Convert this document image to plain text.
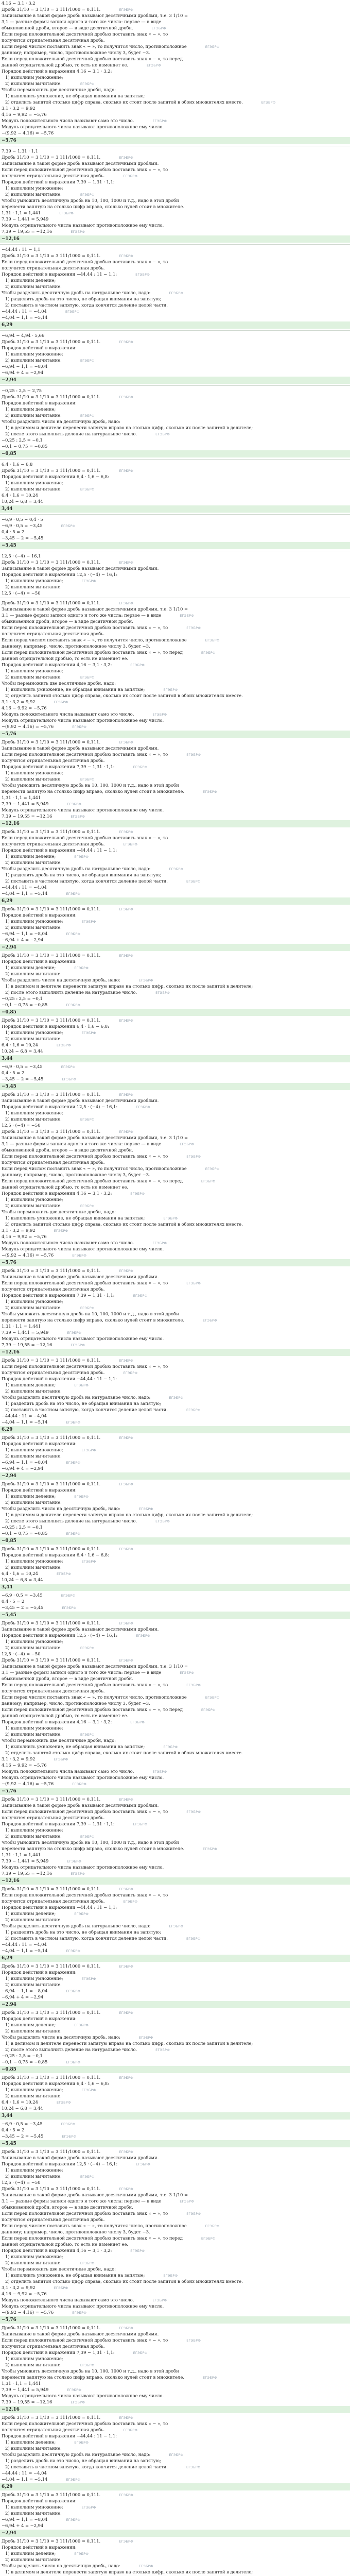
4,16 − 3,1 · 3,2
Дробь 31/10 = 3 1/10 = 3 111/1000 = 0,111.	ЕГЭБРФ
Записывание в такой форме дробь называют десятичными дробями, т.е. 3 1/10 =
3,1 — разные формы записи одного и того же числа: первое — в виде
обыкновенной дроби, второе — в виде десятичной дроби.	ЕГЭБРФ
Если перед положительной десятичной дробью поставить знак « − », то
получится отрицательная десятичная дробь.
Если перед числом поставить знак « − », то получится число, противоположное	ЕГЭБРФ
данному; например, число, противоположное числу 3, будет −3.
Если перед положительной десятичной дробью поставить знак « − », то перед
данной отрицательной дробью, то есть не изменяет ее.	ЕГЭБРФ
Порядок действий в выражении 4,16 − 3,1 · 3,2:
1) выполним умножение;
2) выполним вычитание.	ЕГЭБРФ
Чтобы перемножить две десятичные дроби, надо:
1) выполнить умножение, не обращая внимания на запятые;
2) отделить запятой столько цифр справа, сколько их стоит после запятой в обоих множителях вместе.	ЕГЭБРФ
3,1 · 3,2 = 9,92
4,16 − 9,92 = −5,76
Модуль положительного числа называют само это число.	ЕГЭБРФ
Модуль отрицательного числа называют противоположное ему число.
−(9,92 − 4,16) = −5,76
−5,76
7,39 − 1,31 · 1,1
Дробь 31/10 = 3 1/10 = 3 111/1000 = 0,111.	ЕГЭБРФ
Записывание в такой форме дробь называют десятичными дробями.
Если перед положительной десятичной дробью поставить знак « − », то
получится отрицательная десятичная дробь.	ЕГЭБРФ
Порядок действий в выражении 7,39 − 1,31 · 1,1:
1) выполним умножение;
2) выполним вычитание.	ЕГЭБРФ
Чтобы умножить десятичную дробь на 10, 100, 1000 и т.д., надо в этой дроби
перенести запятую на столько цифр вправо, сколько нулей стоит в множителе.
1,31 · 1,1 = 1,441	ЕГЭБРФ
7,39 − 1,441 = 5,949
Модуль отрицательного числа называют противоположное ему число.
7,39 − 19,55 = −12,16	ЕГЭБРФ
−12,16
−44,44 : 11 − 1,1
Дробь 31/10 = 3 1/10 = 3 111/1000 = 0,111.	ЕГЭБРФ
Если перед положительной десятичной дробью поставить знак « − », то
получится отрицательная десятичная дробь.
Порядок действий в выражении −44,44 : 11 − 1,1:	ЕГЭБРФ
1) выполним деление;
2) выполним вычитание.
Чтобы разделить десятичную дробь на натуральное число, надо:	ЕГЭБРФ
1) разделить дробь на это число, не обращая внимания на запятую;
2) поставить в частном запятую, когда кончится деление целой части.
−44,44 : 11 = −4,04	ЕГЭБРФ
−4,04 − 1,1 = −5,14
6,29
−6,94 − 4,94 · 5,66
Дробь 31/10 = 3 1/10 = 3 111/1000 = 0,111.	ЕГЭБРФ
Порядок действий в выражении:
1) выполним умножение;
2) выполним вычитание.	ЕГЭБРФ
−6,94 − 1,1 = −8,04
−6,94 + 4 = −2,94
−2,94
−0,25 : 2,5 − 2,75
Дробь 31/10 = 3 1/10 = 3 111/1000 = 0,111.	ЕГЭБРФ
Порядок действий в выражении:
1) выполним деление;
2) выполним вычитание.	ЕГЭБРФ
Чтобы разделить число на десятичную дробь, надо:
1) в делимом и делителе перенести запятую вправо на столько цифр, сколько их после запятой в делителе;
2) после этого выполнить деление на натуральное число.	ЕГЭБРФ
−0,25 : 2,5 = −0,1
−0,1 − 0,75 = −0,85
−0,85
6,4 · 1,6 − 6,8
Дробь 31/10 = 3 1/10 = 3 111/1000 = 0,111.	ЕГЭБРФ
Порядок действий в выражении 6,4 · 1,6 − 6,8:
1) выполним умножение;
2) выполним вычитание.	ЕГЭБРФ
6,4 · 1,6 = 10,24
10,24 − 6,8 = 3,44
3,44
−6,9 · 0,5 − 0,4 · 5
−6,9 · 0,5 = −3,45	ЕГЭБРФ
0,4 · 5 = 2
−3,45 − 2 = −5,45
−5,45
12,5 · (−4) − 16,1
Дробь 31/10 = 3 1/10 = 3 111/1000 = 0,111.	ЕГЭБРФ
Записывание в такой форме дробь называют десятичными дробями.
Порядок действий в выражении 12,5 · (−4) − 16,1:
1) выполним умножение;	ЕГЭБРФ
2) выполним вычитание.
12,5 · (−4) = −50
Дробь 31/10 = 3 1/10 = 3 111/1000 = 0,111.	ЕГЭБРФ
Записывание в такой форме дробь называют десятичными дробями, т.е. 3 1/10 =
3,1 — разные формы записи одного и того же числа: первое — в виде	ЕГЭБРФ
обыкновенной дроби, второе — в виде десятичной дроби.
Если перед положительной десятичной дробью поставить знак « − », то	ЕГЭБРФ
получится отрицательная десятичная дробь.
Если перед числом поставить знак « − », то получится число, противоположное	ЕГЭБРФ
данному; например, число, противоположное числу 3, будет −3.
Если перед положительной десятичной дробью поставить знак « − », то перед	ЕГЭБРФ
данной отрицательной дробью, то есть не изменяет ее.
Порядок действий в выражении 4,16 − 3,1 · 3,2:	ЕГЭБРФ
1) выполним умножение;
2) выполним вычитание.	ЕГЭБРФ
Чтобы перемножить две десятичные дроби, надо:
1) выполнить умножение, не обращая внимания на запятые;	ЕГЭБРФ
2) отделить запятой столько цифр справа, сколько их стоит после запятой в обоих множителях вместе.
3,1 · 3,2 = 9,92	ЕГЭБРФ
4,16 − 9,92 = −5,76
Модуль положительного числа называют само это число.	ЕГЭБРФ
Модуль отрицательного числа называют противоположное ему число.
−(9,92 − 4,16) = −5,76	ЕГЭБРФ
−5,76
Дробь 31/10 = 3 1/10 = 3 111/1000 = 0,111.	ЕГЭБРФ
Записывание в такой форме дробь называют десятичными дробями.
Если перед положительной десятичной дробью поставить знак « − », то	ЕГЭБРФ
получится отрицательная десятичная дробь.
Порядок действий в выражении 7,39 − 1,31 · 1,1:	ЕГЭБРФ
1) выполним умножение;
2) выполним вычитание.	ЕГЭБРФ
Чтобы умножить десятичную дробь на 10, 100, 1000 и т.д., надо в этой дроби
перенести запятую на столько цифр вправо, сколько нулей стоит в множителе.	ЕГЭБРФ
1,31 · 1,1 = 1,441
7,39 − 1,441 = 5,949	ЕГЭБРФ
Модуль отрицательного числа называют противоположное ему число.
7,39 − 19,55 = −12,16	ЕГЭБРФ
−12,16
Дробь 31/10 = 3 1/10 = 3 111/1000 = 0,111.	ЕГЭБРФ
Если перед положительной десятичной дробью поставить знак « − », то
получится отрицательная десятичная дробь.	ЕГЭБРФ
Порядок действий в выражении −44,44 : 11 − 1,1:
1) выполним деление;	ЕГЭБРФ
2) выполним вычитание.
Чтобы разделить десятичную дробь на натуральное число, надо:	ЕГЭБРФ
1) разделить дробь на это число, не обращая внимания на запятую;
2) поставить в частном запятую, когда кончится деление целой части.	ЕГЭБРФ
−44,44 : 11 = −4,04
−4,04 − 1,1 = −5,14	ЕГЭБРФ
6,29
Дробь 31/10 = 3 1/10 = 3 111/1000 = 0,111.	ЕГЭБРФ
Порядок действий в выражении:
1) выполним умножение;	ЕГЭБРФ
2) выполним вычитание.
−6,94 − 1,1 = −8,04	ЕГЭБРФ
−6,94 + 4 = −2,94
−2,94
Дробь 31/10 = 3 1/10 = 3 111/1000 = 0,111.	ЕГЭБРФ
Порядок действий в выражении:
1) выполним деление;	ЕГЭБРФ
2) выполним вычитание.
Чтобы разделить число на десятичную дробь, надо:	ЕГЭБРФ
1) в делимом и делителе перенести запятую вправо на столько цифр, сколько их после запятой в делителе;
2) после этого выполнить деление на натуральное число.	ЕГЭБРФ
−0,25 : 2,5 = −0,1
−0,1 − 0,75 = −0,85	ЕГЭБРФ
−0,85
Дробь 31/10 = 3 1/10 = 3 111/1000 = 0,111.	ЕГЭБРФ
Порядок действий в выражении 6,4 · 1,6 − 6,8:
1) выполним умножение;	ЕГЭБРФ
2) выполним вычитание.
6,4 · 1,6 = 10,24	ЕГЭБРФ
10,24 − 6,8 = 3,44
3,44
−6,9 · 0,5 = −3,45	ЕГЭБРФ
0,4 · 5 = 2
−3,45 − 2 = −5,45	ЕГЭБРФ
−5,45
Дробь 31/10 = 3 1/10 = 3 111/1000 = 0,111.	ЕГЭБРФ
Записывание в такой форме дробь называют десятичными дробями.
Порядок действий в выражении 12,5 · (−4) − 16,1:	ЕГЭБРФ
1) выполним умножение;
2) выполним вычитание.	ЕГЭБРФ
12,5 · (−4) = −50
Дробь 31/10 = 3 1/10 = 3 111/1000 = 0,111.	ЕГЭБРФ
Записывание в такой форме дробь называют десятичными дробями, т.е. 3 1/10 =
3,1 — разные формы записи одного и того же числа: первое — в виде	ЕГЭБРФ
обыкновенной дроби, второе — в виде десятичной дроби.
Если перед положительной десятичной дробью поставить знак « − », то	ЕГЭБРФ
получится отрицательная десятичная дробь.
Если перед числом поставить знак « − », то получится число, противоположное	ЕГЭБРФ
данному; например, число, противоположное числу 3, будет −3.
Если перед положительной десятичной дробью поставить знак « − », то перед	ЕГЭБРФ
данной отрицательной дробью, то есть не изменяет ее.
Порядок действий в выражении 4,16 − 3,1 · 3,2:	ЕГЭБРФ
1) выполним умножение;
2) выполним вычитание.	ЕГЭБРФ
Чтобы перемножить две десятичные дроби, надо:
1) выполнить умножение, не обращая внимания на запятые;	ЕГЭБРФ
2) отделить запятой столько цифр справа, сколько их стоит после запятой в обоих множителях вместе.
3,1 · 3,2 = 9,92	ЕГЭБРФ
4,16 − 9,92 = −5,76
Модуль положительного числа называют само это число.	ЕГЭБРФ
Модуль отрицательного числа называют противоположное ему число.
−(9,92 − 4,16) = −5,76	ЕГЭБРФ
−5,76
Дробь 31/10 = 3 1/10 = 3 111/1000 = 0,111.	ЕГЭБРФ
Записывание в такой форме дробь называют десятичными дробями.
Если перед положительной десятичной дробью поставить знак « − », то	ЕГЭБРФ
получится отрицательная десятичная дробь.
Порядок действий в выражении 7,39 − 1,31 · 1,1:	ЕГЭБРФ
1) выполним умножение;
2) выполним вычитание.	ЕГЭБРФ
Чтобы умножить десятичную дробь на 10, 100, 1000 и т.д., надо в этой дроби
перенести запятую на столько цифр вправо, сколько нулей стоит в множителе.	ЕГЭБРФ
1,31 · 1,1 = 1,441
7,39 − 1,441 = 5,949	ЕГЭБРФ
Модуль отрицательного числа называют противоположное ему число.
7,39 − 19,55 = −12,16	ЕГЭБРФ
−12,16
Дробь 31/10 = 3 1/10 = 3 111/1000 = 0,111.	ЕГЭБРФ
Если перед положительной десятичной дробью поставить знак « − », то
получится отрицательная десятичная дробь.	ЕГЭБРФ
Порядок действий в выражении −44,44 : 11 − 1,1:
1) выполним деление;	ЕГЭБРФ
2) выполним вычитание.
Чтобы разделить десятичную дробь на натуральное число, надо:	ЕГЭБРФ
1) разделить дробь на это число, не обращая внимания на запятую;
2) поставить в частном запятую, когда кончится деление целой части.	ЕГЭБРФ
−44,44 : 11 = −4,04
−4,04 − 1,1 = −5,14	ЕГЭБРФ
6,29
Дробь 31/10 = 3 1/10 = 3 111/1000 = 0,111.	ЕГЭБРФ
Порядок действий в выражении:
1) выполним умножение;	ЕГЭБРФ
2) выполним вычитание.
−6,94 − 1,1 = −8,04	ЕГЭБРФ
−6,94 + 4 = −2,94
−2,94
Дробь 31/10 = 3 1/10 = 3 111/1000 = 0,111.	ЕГЭБРФ
Порядок действий в выражении:
1) выполним деление;	ЕГЭБРФ
2) выполним вычитание.
Чтобы разделить число на десятичную дробь, надо:	ЕГЭБРФ
1) в делимом и делителе перенести запятую вправо на столько цифр, сколько их после запятой в делителе;
2) после этого выполнить деление на натуральное число.	ЕГЭБРФ
−0,25 : 2,5 = −0,1
−0,1 − 0,75 = −0,85	ЕГЭБРФ
−0,85
Дробь 31/10 = 3 1/10 = 3 111/1000 = 0,111.	ЕГЭБРФ
Порядок действий в выражении 6,4 · 1,6 − 6,8:
1) выполним умножение;	ЕГЭБРФ
2) выполним вычитание.
6,4 · 1,6 = 10,24	ЕГЭБРФ
10,24 − 6,8 = 3,44
3,44
−6,9 · 0,5 = −3,45	ЕГЭБРФ
0,4 · 5 = 2
−3,45 − 2 = −5,45	ЕГЭБРФ
−5,45
Дробь 31/10 = 3 1/10 = 3 111/1000 = 0,111.	ЕГЭБРФ
Записывание в такой форме дробь называют десятичными дробями.
Порядок действий в выражении 12,5 · (−4) − 16,1:	ЕГЭБРФ
1) выполним умножение;
2) выполним вычитание.	ЕГЭБРФ
12,5 · (−4) = −50
Дробь 31/10 = 3 1/10 = 3 111/1000 = 0,111.	ЕГЭБРФ
Записывание в такой форме дробь называют десятичными дробями, т.е. 3 1/10 =
3,1 — разные формы записи одного и того же числа: первое — в виде	ЕГЭБРФ
обыкновенной дроби, второе — в виде десятичной дроби.
Если перед положительной десятичной дробью поставить знак « − », то	ЕГЭБРФ
получится отрицательная десятичная дробь.
Если перед числом поставить знак « − », то получится число, противоположное	ЕГЭБРФ
данному; например, число, противоположное числу 3, будет −3.
Если перед положительной десятичной дробью поставить знак « − », то перед	ЕГЭБРФ
данной отрицательной дробью, то есть не изменяет ее.
Порядок действий в выражении 4,16 − 3,1 · 3,2:	ЕГЭБРФ
1) выполним умножение;
2) выполним вычитание.	ЕГЭБРФ
Чтобы перемножить две десятичные дроби, надо:
1) выполнить умножение, не обращая внимания на запятые;	ЕГЭБРФ
2) отделить запятой столько цифр справа, сколько их стоит после запятой в обоих множителях вместе.
3,1 · 3,2 = 9,92	ЕГЭБРФ
4,16 − 9,92 = −5,76
Модуль положительного числа называют само это число.	ЕГЭБРФ
Модуль отрицательного числа называют противоположное ему число.
−(9,92 − 4,16) = −5,76	ЕГЭБРФ
−5,76
Дробь 31/10 = 3 1/10 = 3 111/1000 = 0,111.	ЕГЭБРФ
Записывание в такой форме дробь называют десятичными дробями.
Если перед положительной десятичной дробью поставить знак « − », то	ЕГЭБРФ
получится отрицательная десятичная дробь.
Порядок действий в выражении 7,39 − 1,31 · 1,1:	ЕГЭБРФ
1) выполним умножение;
2) выполним вычитание.	ЕГЭБРФ
Чтобы умножить десятичную дробь на 10, 100, 1000 и т.д., надо в этой дроби
перенести запятую на столько цифр вправо, сколько нулей стоит в множителе.	ЕГЭБРФ
1,31 · 1,1 = 1,441
7,39 − 1,441 = 5,949	ЕГЭБРФ
Модуль отрицательного числа называют противоположное ему число.
7,39 − 19,55 = −12,16	ЕГЭБРФ
−12,16
Дробь 31/10 = 3 1/10 = 3 111/1000 = 0,111.	ЕГЭБРФ
Если перед положительной десятичной дробью поставить знак « − », то
получится отрицательная десятичная дробь.	ЕГЭБРФ
Порядок действий в выражении −44,44 : 11 − 1,1:
1) выполним деление;	ЕГЭБРФ
2) выполним вычитание.
Чтобы разделить десятичную дробь на натуральное число, надо:	ЕГЭБРФ
1) разделить дробь на это число, не обращая внимания на запятую;
2) поставить в частном запятую, когда кончится деление целой части.	ЕГЭБРФ
−44,44 : 11 = −4,04
−4,04 − 1,1 = −5,14	ЕГЭБРФ
6,29
Дробь 31/10 = 3 1/10 = 3 111/1000 = 0,111.	ЕГЭБРФ
Порядок действий в выражении:
1) выполним умножение;	ЕГЭБРФ
2) выполним вычитание.
−6,94 − 1,1 = −8,04	ЕГЭБРФ
−6,94 + 4 = −2,94
−2,94
Дробь 31/10 = 3 1/10 = 3 111/1000 = 0,111.	ЕГЭБРФ
Порядок действий в выражении:
1) выполним деление;	ЕГЭБРФ
2) выполним вычитание.
Чтобы разделить число на десятичную дробь, надо:	ЕГЭБРФ
1) в делимом и делителе перенести запятую вправо на столько цифр, сколько их после запятой в делителе;
2) после этого выполнить деление на натуральное число.	ЕГЭБРФ
−0,25 : 2,5 = −0,1
−0,1 − 0,75 = −0,85	ЕГЭБРФ
−0,85
Дробь 31/10 = 3 1/10 = 3 111/1000 = 0,111.	ЕГЭБРФ
Порядок действий в выражении 6,4 · 1,6 − 6,8:
1) выполним умножение;	ЕГЭБРФ
2) выполним вычитание.
6,4 · 1,6 = 10,24	ЕГЭБРФ
10,24 − 6,8 = 3,44
3,44
−6,9 · 0,5 = −3,45	ЕГЭБРФ
0,4 · 5 = 2
−3,45 − 2 = −5,45	ЕГЭБРФ
−5,45
Дробь 31/10 = 3 1/10 = 3 111/1000 = 0,111.	ЕГЭБРФ
Записывание в такой форме дробь называют десятичными дробями.
Порядок действий в выражении 12,5 · (−4) − 16,1:	ЕГЭБРФ
1) выполним умножение;
2) выполним вычитание.	ЕГЭБРФ
12,5 · (−4) = −50
Дробь 31/10 = 3 1/10 = 3 111/1000 = 0,111.	ЕГЭБРФ
Записывание в такой форме дробь называют десятичными дробями, т.е. 3 1/10 =
3,1 — разные формы записи одного и того же числа: первое — в виде	ЕГЭБРФ
обыкновенной дроби, второе — в виде десятичной дроби.
Если перед положительной десятичной дробью поставить знак « − », то	ЕГЭБРФ
получится отрицательная десятичная дробь.
Если перед числом поставить знак « − », то получится число, противоположное	ЕГЭБРФ
данному; например, число, противоположное числу 3, будет −3.
Если перед положительной десятичной дробью поставить знак « − », то перед	ЕГЭБРФ
данной отрицательной дробью, то есть не изменяет ее.
Порядок действий в выражении 4,16 − 3,1 · 3,2:	ЕГЭБРФ
1) выполним умножение;
2) выполним вычитание.	ЕГЭБРФ
Чтобы перемножить две десятичные дроби, надо:
1) выполнить умножение, не обращая внимания на запятые;	ЕГЭБРФ
2) отделить запятой столько цифр справа, сколько их стоит после запятой в обоих множителях вместе.
3,1 · 3,2 = 9,92	ЕГЭБРФ
4,16 − 9,92 = −5,76
Модуль положительного числа называют само это число.	ЕГЭБРФ
Модуль отрицательного числа называют противоположное ему число.
−(9,92 − 4,16) = −5,76	ЕГЭБРФ
−5,76
Дробь 31/10 = 3 1/10 = 3 111/1000 = 0,111.	ЕГЭБРФ
Записывание в такой форме дробь называют десятичными дробями.
Если перед положительной десятичной дробью поставить знак « − », то	ЕГЭБРФ
получится отрицательная десятичная дробь.
Порядок действий в выражении 7,39 − 1,31 · 1,1:	ЕГЭБРФ
1) выполним умножение;
2) выполним вычитание.	ЕГЭБРФ
Чтобы умножить десятичную дробь на 10, 100, 1000 и т.д., надо в этой дроби
перенести запятую на столько цифр вправо, сколько нулей стоит в множителе.	ЕГЭБРФ
1,31 · 1,1 = 1,441
7,39 − 1,441 = 5,949	ЕГЭБРФ
Модуль отрицательного числа называют противоположное ему число.
7,39 − 19,55 = −12,16	ЕГЭБРФ
−12,16
Дробь 31/10 = 3 1/10 = 3 111/1000 = 0,111.	ЕГЭБРФ
Если перед положительной десятичной дробью поставить знак « − », то
получится отрицательная десятичная дробь.	ЕГЭБРФ
Порядок действий в выражении −44,44 : 11 − 1,1:
1) выполним деление;	ЕГЭБРФ
2) выполним вычитание.
Чтобы разделить десятичную дробь на натуральное число, надо:	ЕГЭБРФ
1) разделить дробь на это число, не обращая внимания на запятую;
2) поставить в частном запятую, когда кончится деление целой части.	ЕГЭБРФ
−44,44 : 11 = −4,04
−4,04 − 1,1 = −5,14	ЕГЭБРФ
6,29
Дробь 31/10 = 3 1/10 = 3 111/1000 = 0,111.	ЕГЭБРФ
Порядок действий в выражении:
1) выполним умножение;	ЕГЭБРФ
2) выполним вычитание.
−6,94 − 1,1 = −8,04	ЕГЭБРФ
−6,94 + 4 = −2,94
−2,94
Дробь 31/10 = 3 1/10 = 3 111/1000 = 0,111.	ЕГЭБРФ
Порядок действий в выражении:
1) выполним деление;	ЕГЭБРФ
2) выполним вычитание.
Чтобы разделить число на десятичную дробь, надо:	ЕГЭБРФ
1) в делимом и делителе перенести запятую вправо на столько цифр, сколько их после запятой в делителе;
